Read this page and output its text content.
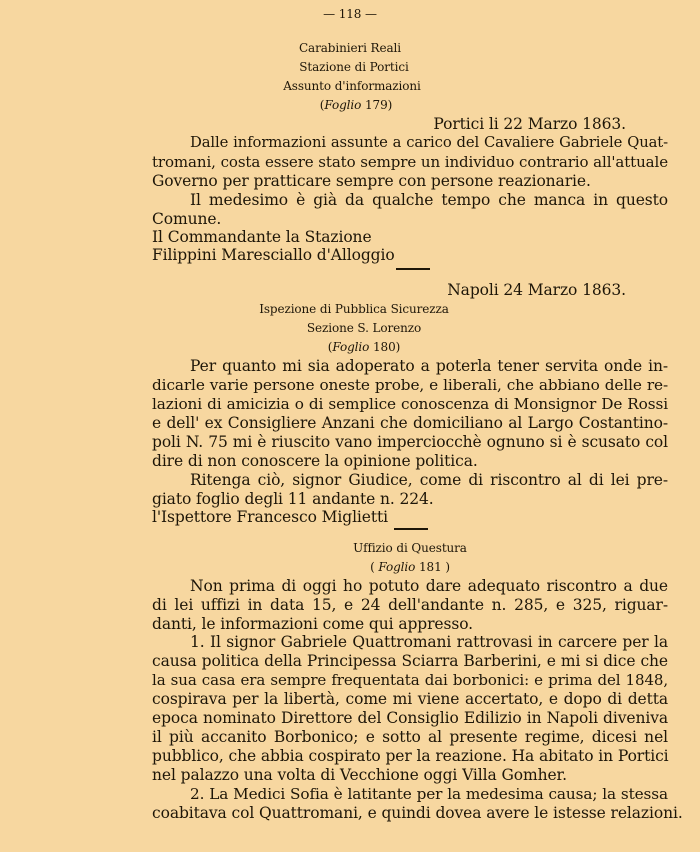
— 118 —
Carabinieri Reali
Stazione di Portici
Assunto d'informazioni
(Foglio 179)
Portici li 22 Marzo 1863.
Dalle informazioni assunte a carico del Cavaliere Gabriele Quat-
tromani, costa essere stato sempre un individuo contrario all'attuale
Governo per pratticare sempre con persone reazionarie.
Il medesimo è già da qualche tempo che manca in questo
Comune.
Il Commandante la Stazione
Filippini Maresciallo d'Alloggio
Napoli 24 Marzo 1863.
Ispezione di Pubblica Sicurezza
Sezione S. Lorenzo
(Foglio 180)
Per quanto mi sia adoperato a poterla tener servita onde in-
dicarle varie persone oneste probe, e liberali, che abbiano delle re-
lazioni di amicizia o di semplice conoscenza di Monsignor De Rossi
e dell' ex Consigliere Anzani che domiciliano al Largo Costantino-
poli N. 75 mi è riuscito vano imperciocchè ognuno si è scusato col
dire di non conoscere la opinione politica.
Ritenga ciò, signor Giudice, come di riscontro al di lei pre-
giato foglio degli 11 andante n. 224.
l'Ispettore Francesco Miglietti
Uffizio di Questura
( Foglio 181 )
Non prima di oggi ho potuto dare adequato riscontro a due
di lei uffizi in data 15, e 24 dell'andante n. 285, e 325, riguar-
danti, le informazioni come qui appresso.
1. Il signor Gabriele Quattromani rattrovasi in carcere per la
causa politica della Principessa Sciarra Barberini, e mi si dice che
la sua casa era sempre frequentata dai borbonici: e prima del 1848,
cospirava per la libertà, come mi viene accertato, e dopo di detta
epoca nominato Direttore del Consiglio Edilizio in Napoli diveniva
il più accanito Borbonico; e sotto al presente regime, dicesi nel
pubblico, che abbia cospirato per la reazione. Ha abitato in Portici
nel palazzo una volta di Vecchione oggi Villa Gomher.
2. La Medici Sofia è latitante per la medesima causa; la stessa
coabitava col Quattromani, e quindi dovea avere le istesse relazioni.
